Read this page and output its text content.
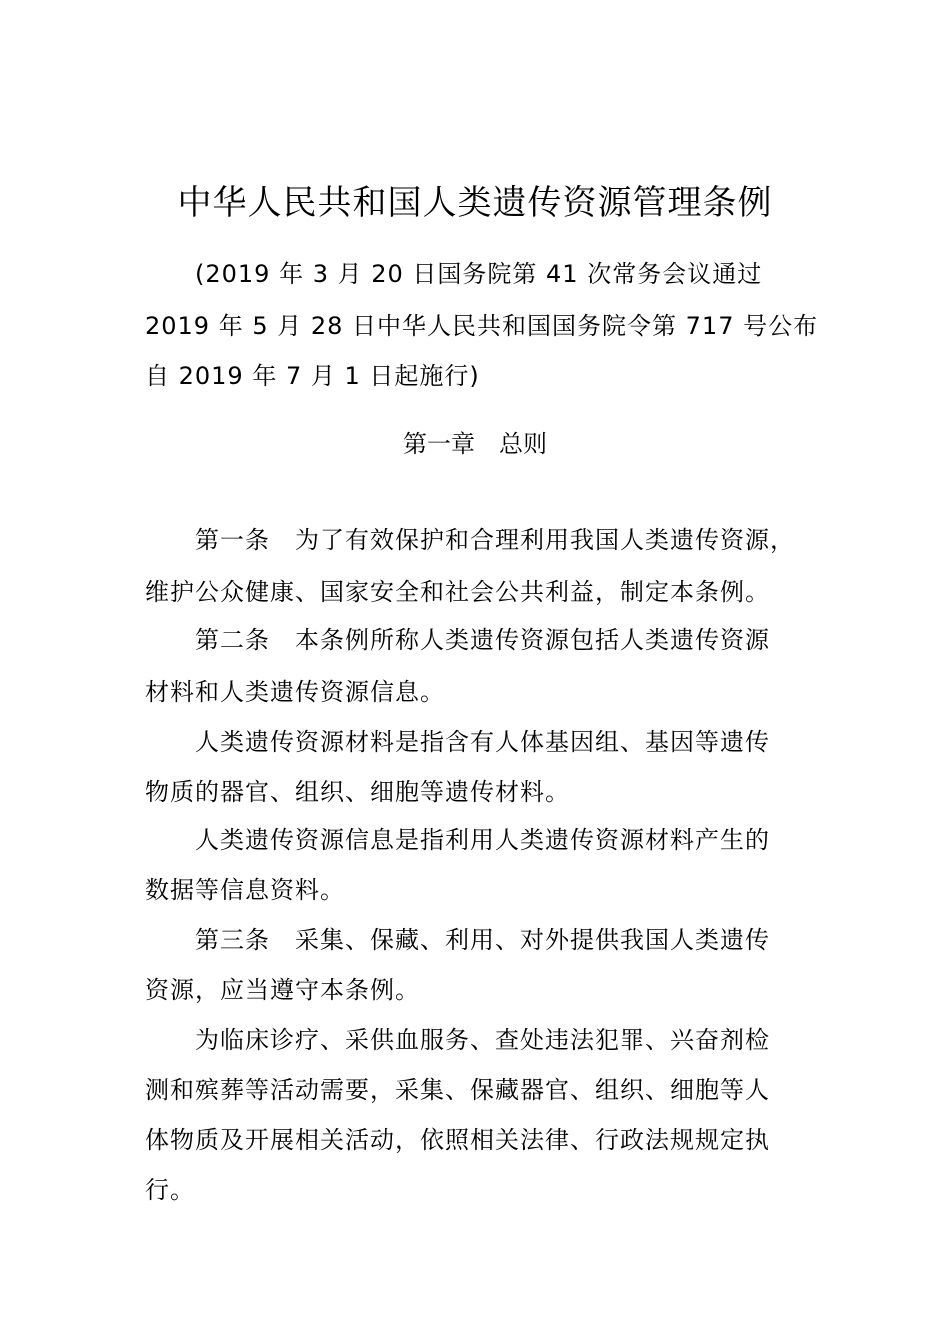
中华人民共和国人类遗传资源管理条例
(2019 年 3 月 20 日国务院第 41 次常务会议通过
2019 年 5 月 28 日中华人民共和国国务院令第 717 号公布
自 2019 年 7 月 1 日起施行)
第一章　总则
第一条　为了有效保护和合理利用我国人类遗传资源，
维护公众健康、国家安全和社会公共利益，制定本条例。
第二条　本条例所称人类遗传资源包括人类遗传资源
材料和人类遗传资源信息。
人类遗传资源材料是指含有人体基因组、基因等遗传
物质的器官、组织、细胞等遗传材料。
人类遗传资源信息是指利用人类遗传资源材料产生的
数据等信息资料。
第三条　采集、保藏、利用、对外提供我国人类遗传
资源，应当遵守本条例。
为临床诊疗、采供血服务、查处违法犯罪、兴奋剂检
测和殡葬等活动需要，采集、保藏器官、组织、细胞等人
体物质及开展相关活动，依照相关法律、行政法规规定执
行。
